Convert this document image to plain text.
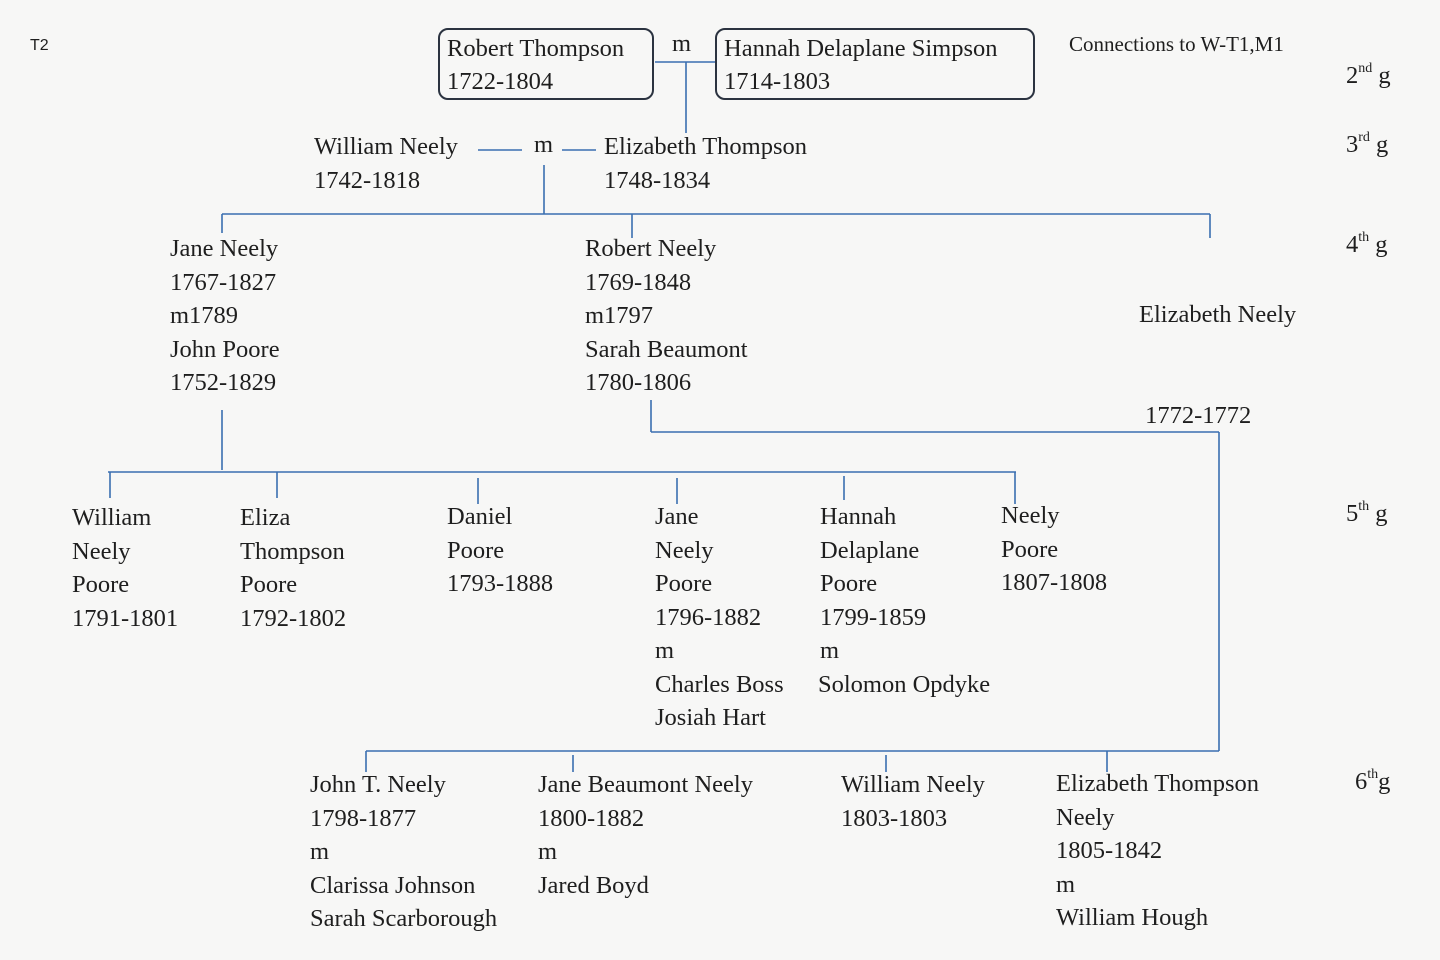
T2	Connections to W-T1,M1
2nd g
3rd g
4th g
5th g
6thg
Robert Thompson 1722-1804
m	Hannah Delaplane Simpson 1714-1803
William Neely
1742-1818
m Elizabeth Thompson
1748-1834
Jane Neely
1767-1827
m1789
John Poore
1752-1829
Robert Neely
1769-1848
m1797
Sarah Beaumont
1780-1806

Elizabeth Neely

1772-1772

William
Neely
Poore
1791-1801
Eliza
Thompson
Poore
1792-1802
Daniel
Poore
1793-1888
Jane
Neely
Poore
1796-1882
m
Charles Boss
Josiah Hart
Hannah
Delaplane
Poore
1799-1859
m
Solomon Opdyke
Neely
Poore
1807-1808
John T. Neely
1798-1877
m
Clarissa Johnson
Sarah Scarborough
Jane Beaumont Neely
1800-1882
m
Jared Boyd
William Neely
1803-1803
Elizabeth Thompson
Neely
1805-1842
m
William Hough
